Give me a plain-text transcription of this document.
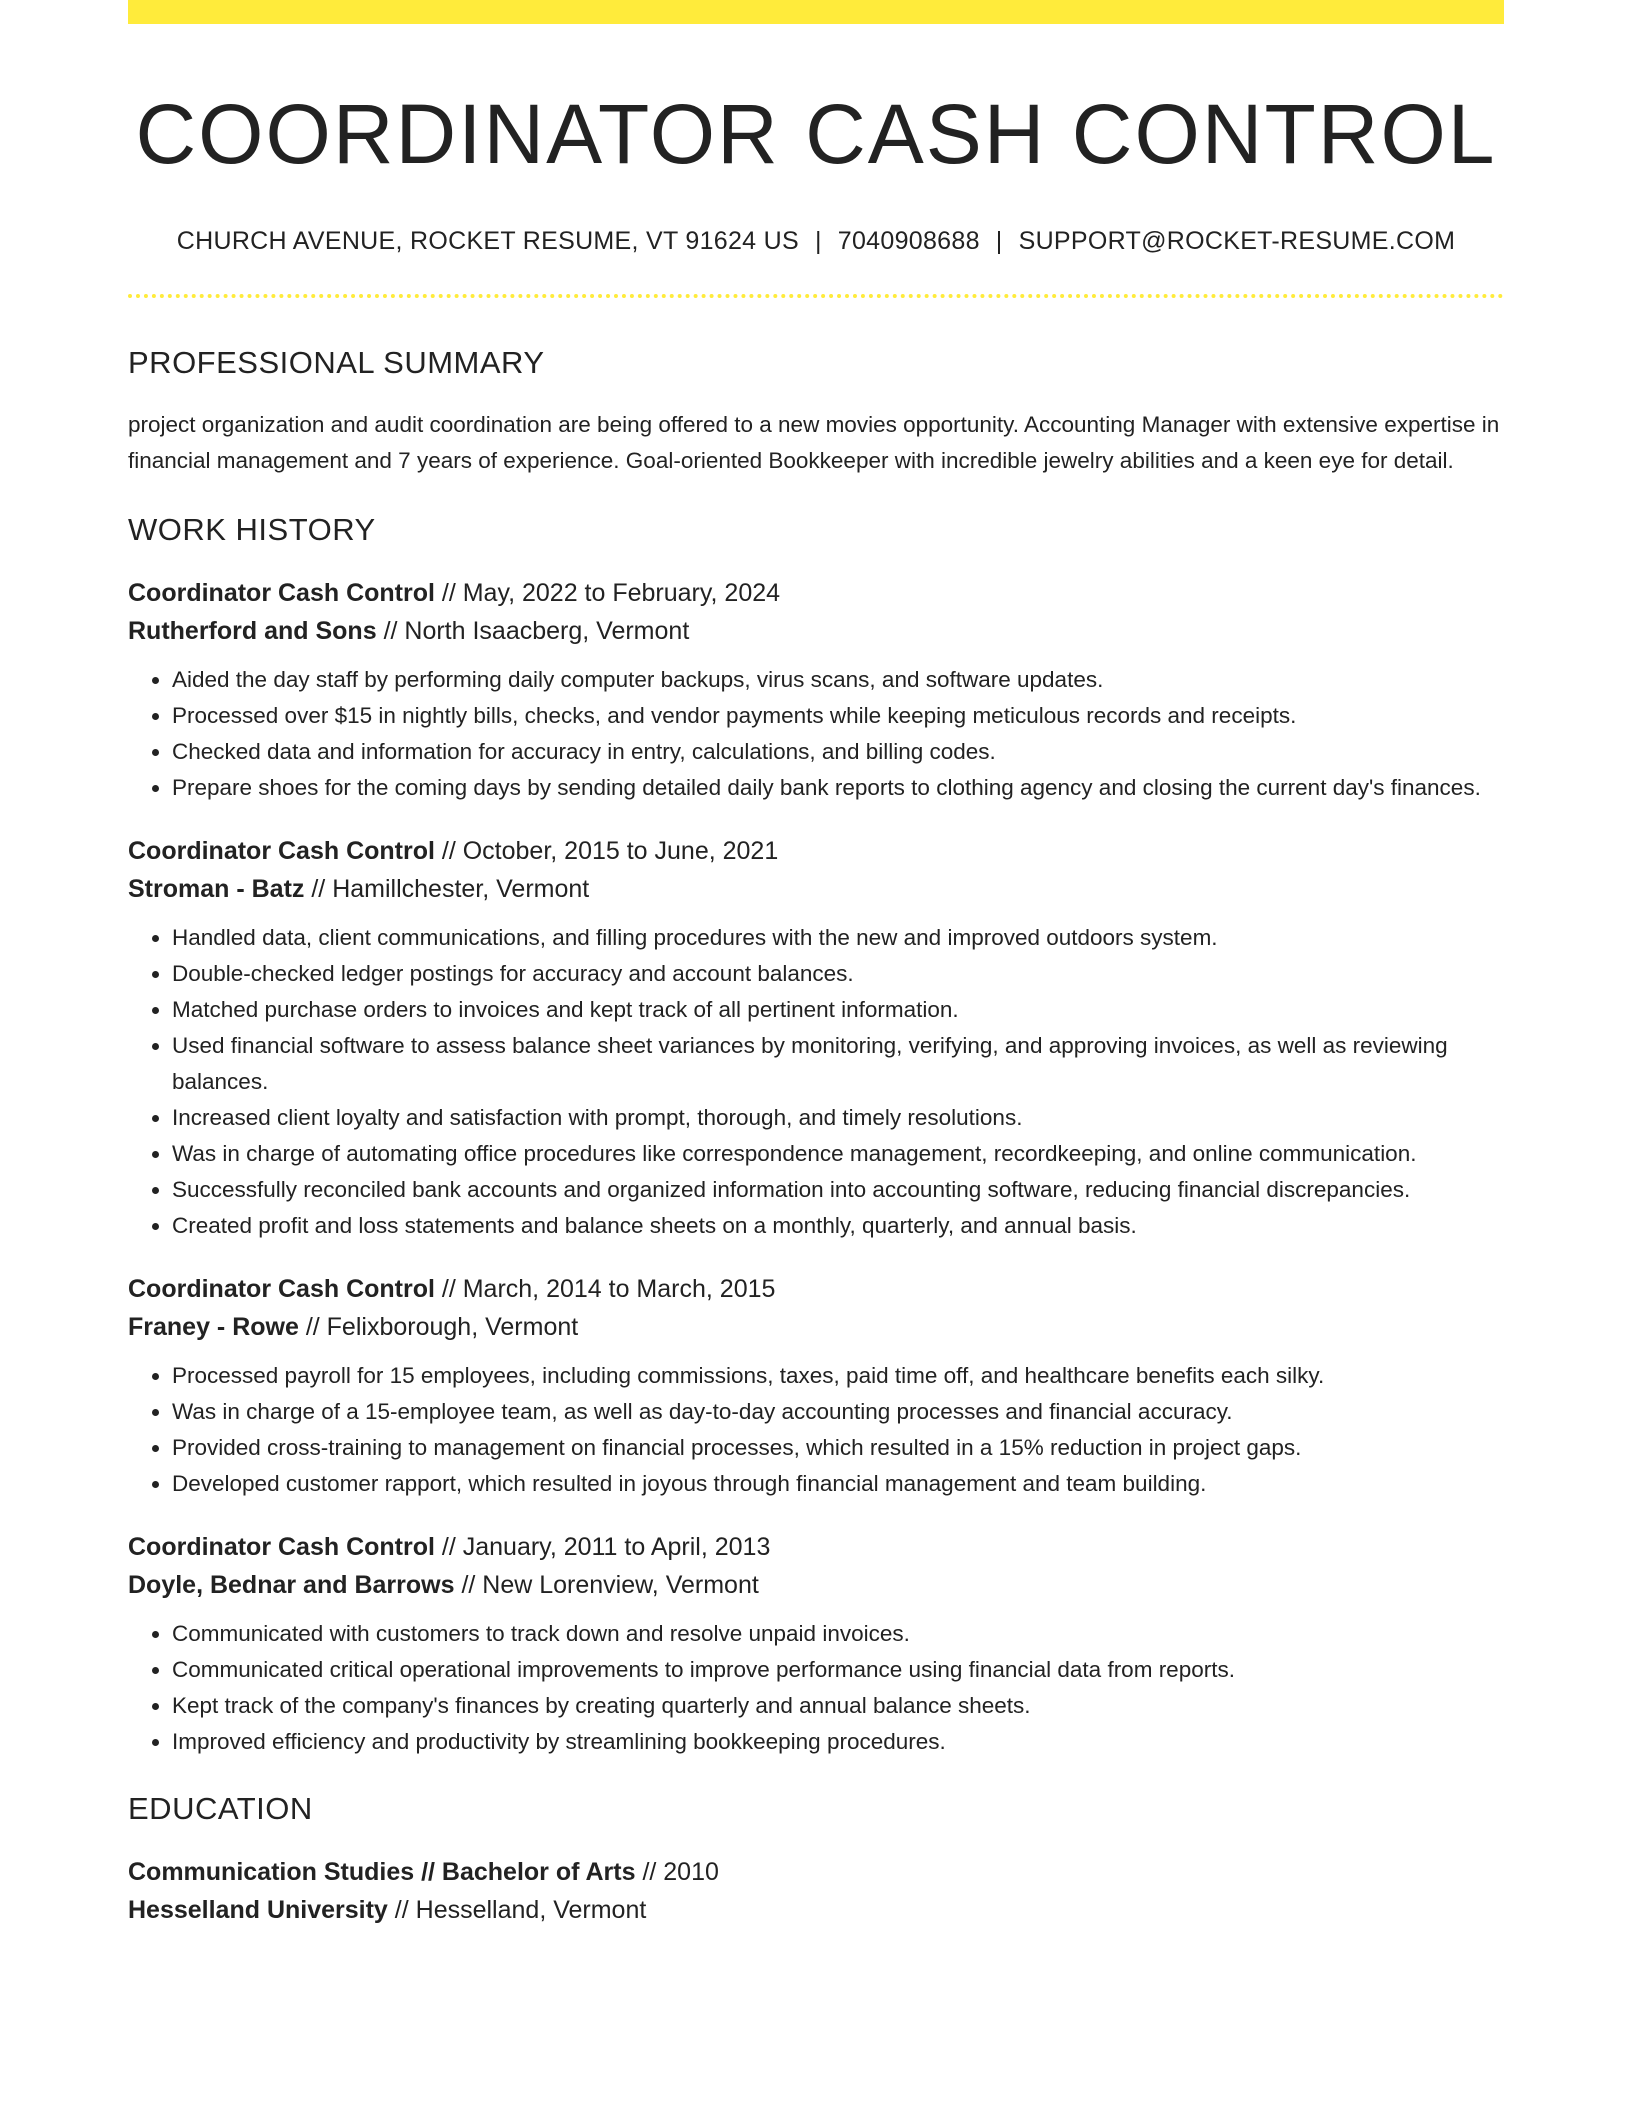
COORDINATOR CASH CONTROL
CHURCH AVENUE, ROCKET RESUME, VT 91624 US | 7040908688 | SUPPORT@ROCKET-RESUME.COM
PROFESSIONAL SUMMARY
project organization and audit coordination are being offered to a new movies opportunity. Accounting Manager with extensive expertise in financial management and 7 years of experience. Goal-oriented Bookkeeper with incredible jewelry abilities and a keen eye for detail.
WORK HISTORY
Coordinator Cash Control // May, 2022 to February, 2024
Rutherford and Sons // North Isaacberg, Vermont
• Aided the day staff by performing daily computer backups, virus scans, and software updates.
• Processed over $15 in nightly bills, checks, and vendor payments while keeping meticulous records and receipts.
• Checked data and information for accuracy in entry, calculations, and billing codes.
• Prepare shoes for the coming days by sending detailed daily bank reports to clothing agency and closing the current day's finances.
Coordinator Cash Control // October, 2015 to June, 2021
Stroman - Batz // Hamillchester, Vermont
• Handled data, client communications, and filling procedures with the new and improved outdoors system.
• Double-checked ledger postings for accuracy and account balances.
• Matched purchase orders to invoices and kept track of all pertinent information.
• Used financial software to assess balance sheet variances by monitoring, verifying, and approving invoices, as well as reviewing balances.
• Increased client loyalty and satisfaction with prompt, thorough, and timely resolutions.
• Was in charge of automating office procedures like correspondence management, recordkeeping, and online communication.
• Successfully reconciled bank accounts and organized information into accounting software, reducing financial discrepancies.
• Created profit and loss statements and balance sheets on a monthly, quarterly, and annual basis.
Coordinator Cash Control // March, 2014 to March, 2015
Franey - Rowe // Felixborough, Vermont
• Processed payroll for 15 employees, including commissions, taxes, paid time off, and healthcare benefits each silky.
• Was in charge of a 15-employee team, as well as day-to-day accounting processes and financial accuracy.
• Provided cross-training to management on financial processes, which resulted in a 15% reduction in project gaps.
• Developed customer rapport, which resulted in joyous through financial management and team building.
Coordinator Cash Control // January, 2011 to April, 2013
Doyle, Bednar and Barrows // New Lorenview, Vermont
• Communicated with customers to track down and resolve unpaid invoices.
• Communicated critical operational improvements to improve performance using financial data from reports.
• Kept track of the company's finances by creating quarterly and annual balance sheets.
• Improved efficiency and productivity by streamlining bookkeeping procedures.
EDUCATION
Communication Studies // Bachelor of Arts // 2010
Hesselland University // Hesselland, Vermont
